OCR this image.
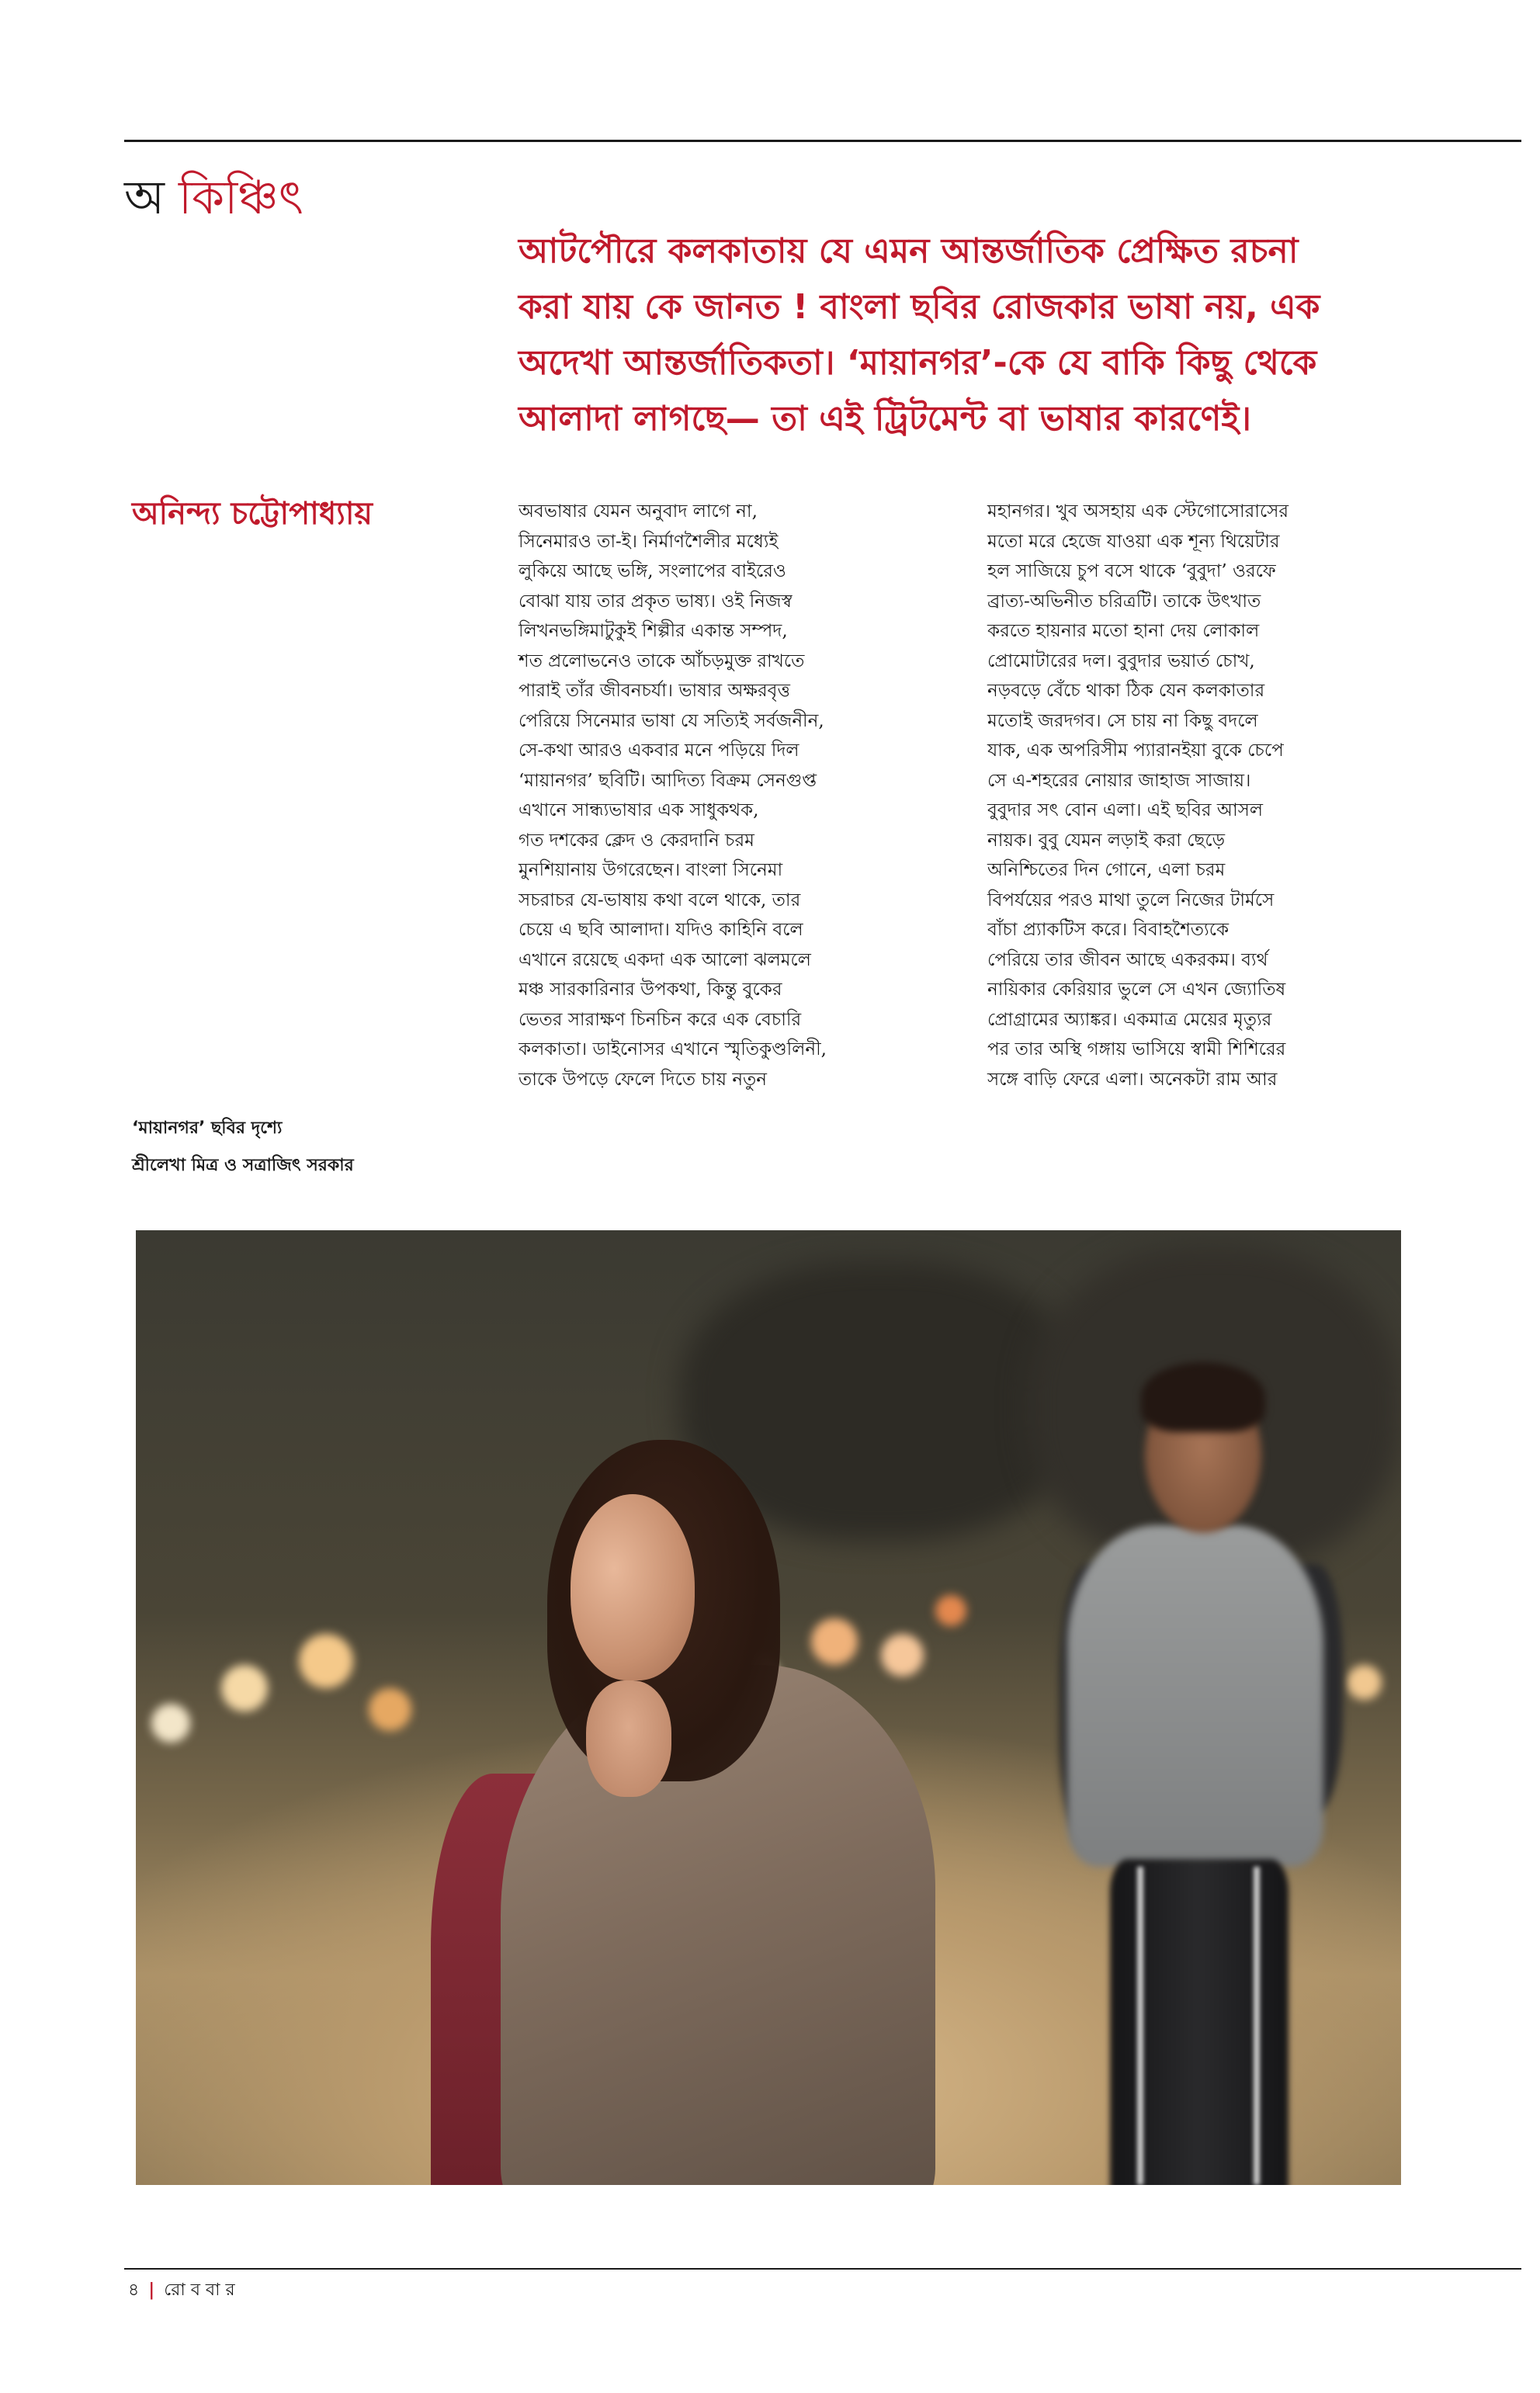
অ কিঞ্চিৎ
আটপৌরে কলকাতায় যে এমন আন্তর্জাতিক প্রেক্ষিত রচনা
করা যায় কে জানত ! বাংলা ছবির রোজকার ভাষা নয়, এক
অদেখা আন্তর্জাতিকতা। ‘মায়ানগর’-কে যে বাকি কিছু থেকে
আলাদা লাগছে— তা এই ট্রিটমেন্ট বা ভাষার কারণেই।
অনিন্দ্য চট্টোপাধ্যায়	অবভাষার যেমন অনুবাদ লাগে না,
সিনেমারও তা-ই। নির্মাণশৈলীর মধ্যেই
লুকিয়ে আছে ভঙ্গি, সংলাপের বাইরেও
বোঝা যায় তার প্রকৃত ভাষ্য। ওই নিজস্ব
লিখনভঙ্গিমাটুকুই শিল্পীর একান্ত সম্পদ,
শত প্রলোভনেও তাকে আঁচড়মুক্ত রাখতে
পারাই তাঁর জীবনচর্যা। ভাষার অক্ষরবৃত্ত
পেরিয়ে সিনেমার ভাষা যে সত্যিই সর্বজনীন,
সে-কথা আরও একবার মনে পড়িয়ে দিল
‘মায়ানগর’ ছবিটি। আদিত্য বিক্রম সেনগুপ্ত
এখানে সান্ধ্যভাষার এক সাধুকথক,
গত দশকের ক্লেদ ও কেরদানি চরম
মুনশিয়ানায় উগরেছেন। বাংলা সিনেমা
সচরাচর যে-ভাষায় কথা বলে থাকে, তার
চেয়ে এ ছবি আলাদা। যদিও কাহিনি বলে
এখানে রয়েছে একদা এক আলো ঝলমলে
মঞ্চ সারকারিনার উপকথা, কিন্তু বুকের
ভেতর সারাক্ষণ চিনচিন করে এক বেচারি
কলকাতা। ডাইনোসর এখানে স্মৃতিকুণ্ডলিনী,
তাকে উপড়ে ফেলে দিতে চায় নতুন
মহানগর। খুব অসহায় এক স্টেগোসোরাসের
মতো মরে হেজে যাওয়া এক শূন্য থিয়েটার
হল সাজিয়ে চুপ বসে থাকে ‘বুবুদা’ ওরফে
ব্রাত্য-অভিনীত চরিত্রটি। তাকে উৎখাত
করতে হায়নার মতো হানা দেয় লোকাল
প্রোমোটারের দল। বুবুদার ভয়ার্ত চোখ,
নড়বড়ে বেঁচে থাকা ঠিক যেন কলকাতার
মতোই জরদগব। সে চায় না কিছু বদলে
যাক, এক অপরিসীম প্যারানইয়া বুকে চেপে
সে এ-শহরের নোয়ার জাহাজ সাজায়।
বুবুদার সৎ বোন এলা। এই ছবির আসল
নায়ক। বুবু যেমন লড়াই করা ছেড়ে
অনিশ্চিতের দিন গোনে, এলা চরম
বিপর্যয়ের পরও মাথা তুলে নিজের টার্মসে
বাঁচা প্র্যাকটিস করে। বিবাহশৈত্যকে
পেরিয়ে তার জীবন আছে একরকম। ব্যর্থ
নায়িকার কেরিয়ার ভুলে সে এখন জ্যোতিষ
প্রোগ্রামের অ্যাঙ্কর। একমাত্র মেয়ের মৃত্যুর
পর তার অস্থি গঙ্গায় ভাসিয়ে স্বামী শিশিরের
সঙ্গে বাড়ি ফেরে এলা। অনেকটা রাম আর
‘মায়ানগর’ ছবির দৃশ্যে
শ্রীলেখা মিত্র ও সত্রাজিৎ সরকার
৪ | রো ব বা র
